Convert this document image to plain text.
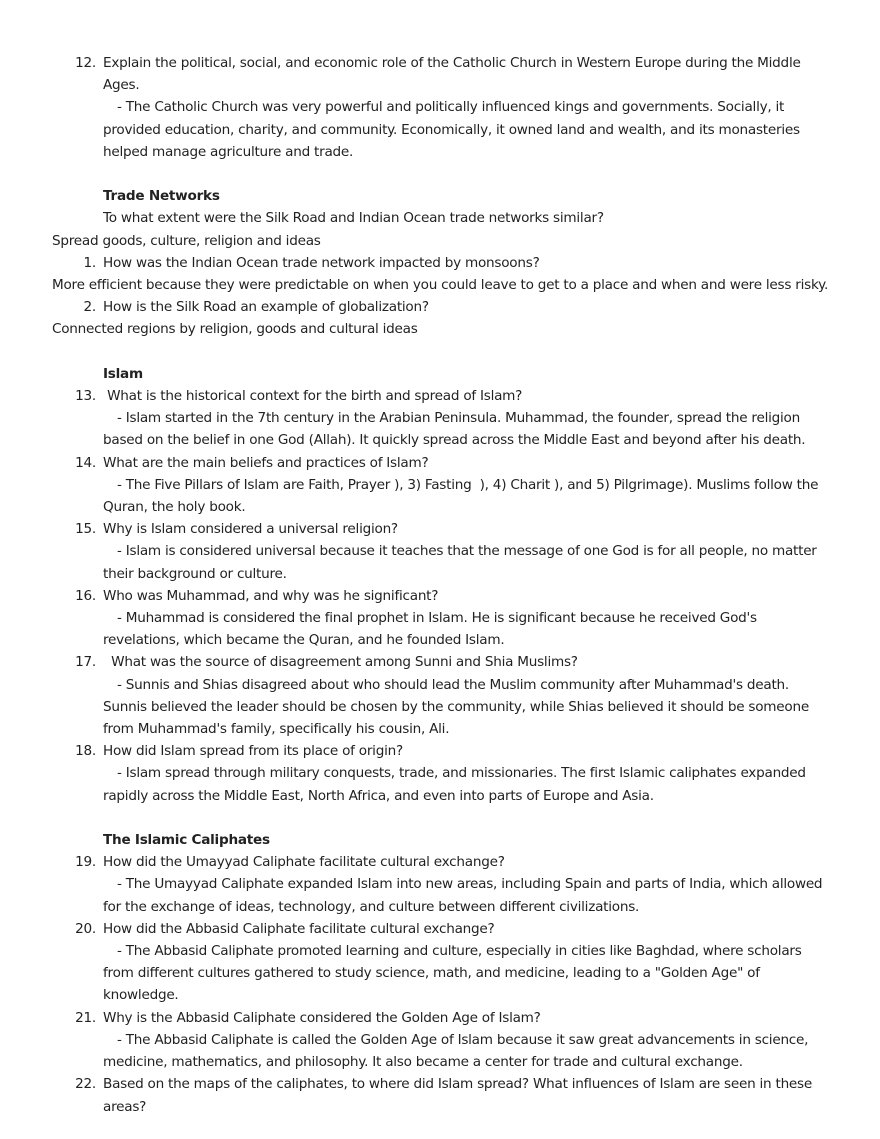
12. Explain the political, social, and economic role of the Catholic Church in Western Europe during the Middle Ages.
- The Catholic Church was very powerful and politically influenced kings and governments. Socially, it provided education, charity, and community. Economically, it owned land and wealth, and its monasteries helped manage agriculture and trade.
Trade Networks
To what extent were the Silk Road and Indian Ocean trade networks similar?
Spread goods, culture, religion and ideas
1. How was the Indian Ocean trade network impacted by monsoons?
More efficient because they were predictable on when you could leave to get to a place and when and were less risky.
2. How is the Silk Road an example of globalization?
Connected regions by religion, goods and cultural ideas
Islam
13. What is the historical context for the birth and spread of Islam?
- Islam started in the 7th century in the Arabian Peninsula. Muhammad, the founder, spread the religion based on the belief in one God (Allah). It quickly spread across the Middle East and beyond after his death.
14. What are the main beliefs and practices of Islam?
- The Five Pillars of Islam are Faith, Prayer ), 3) Fasting  ), 4) Charit ), and 5) Pilgrimage). Muslims follow the Quran, the holy book.
15. Why is Islam considered a universal religion?
- Islam is considered universal because it teaches that the message of one God is for all people, no matter their background or culture.
16. Who was Muhammad, and why was he significant?
- Muhammad is considered the final prophet in Islam. He is significant because he received God's revelations, which became the Quran, and he founded Islam.
17. What was the source of disagreement among Sunni and Shia Muslims?
- Sunnis and Shias disagreed about who should lead the Muslim community after Muhammad's death. Sunnis believed the leader should be chosen by the community, while Shias believed it should be someone from Muhammad's family, specifically his cousin, Ali.
18. How did Islam spread from its place of origin?
- Islam spread through military conquests, trade, and missionaries. The first Islamic caliphates expanded rapidly across the Middle East, North Africa, and even into parts of Europe and Asia.
The Islamic Caliphates
19. How did the Umayyad Caliphate facilitate cultural exchange?
- The Umayyad Caliphate expanded Islam into new areas, including Spain and parts of India, which allowed for the exchange of ideas, technology, and culture between different civilizations.
20. How did the Abbasid Caliphate facilitate cultural exchange?
- The Abbasid Caliphate promoted learning and culture, especially in cities like Baghdad, where scholars from different cultures gathered to study science, math, and medicine, leading to a "Golden Age" of knowledge.
21. Why is the Abbasid Caliphate considered the Golden Age of Islam?
- The Abbasid Caliphate is called the Golden Age of Islam because it saw great advancements in science, medicine, mathematics, and philosophy. It also became a center for trade and cultural exchange.
22. Based on the maps of the caliphates, to where did Islam spread? What influences of Islam are seen in these areas?
